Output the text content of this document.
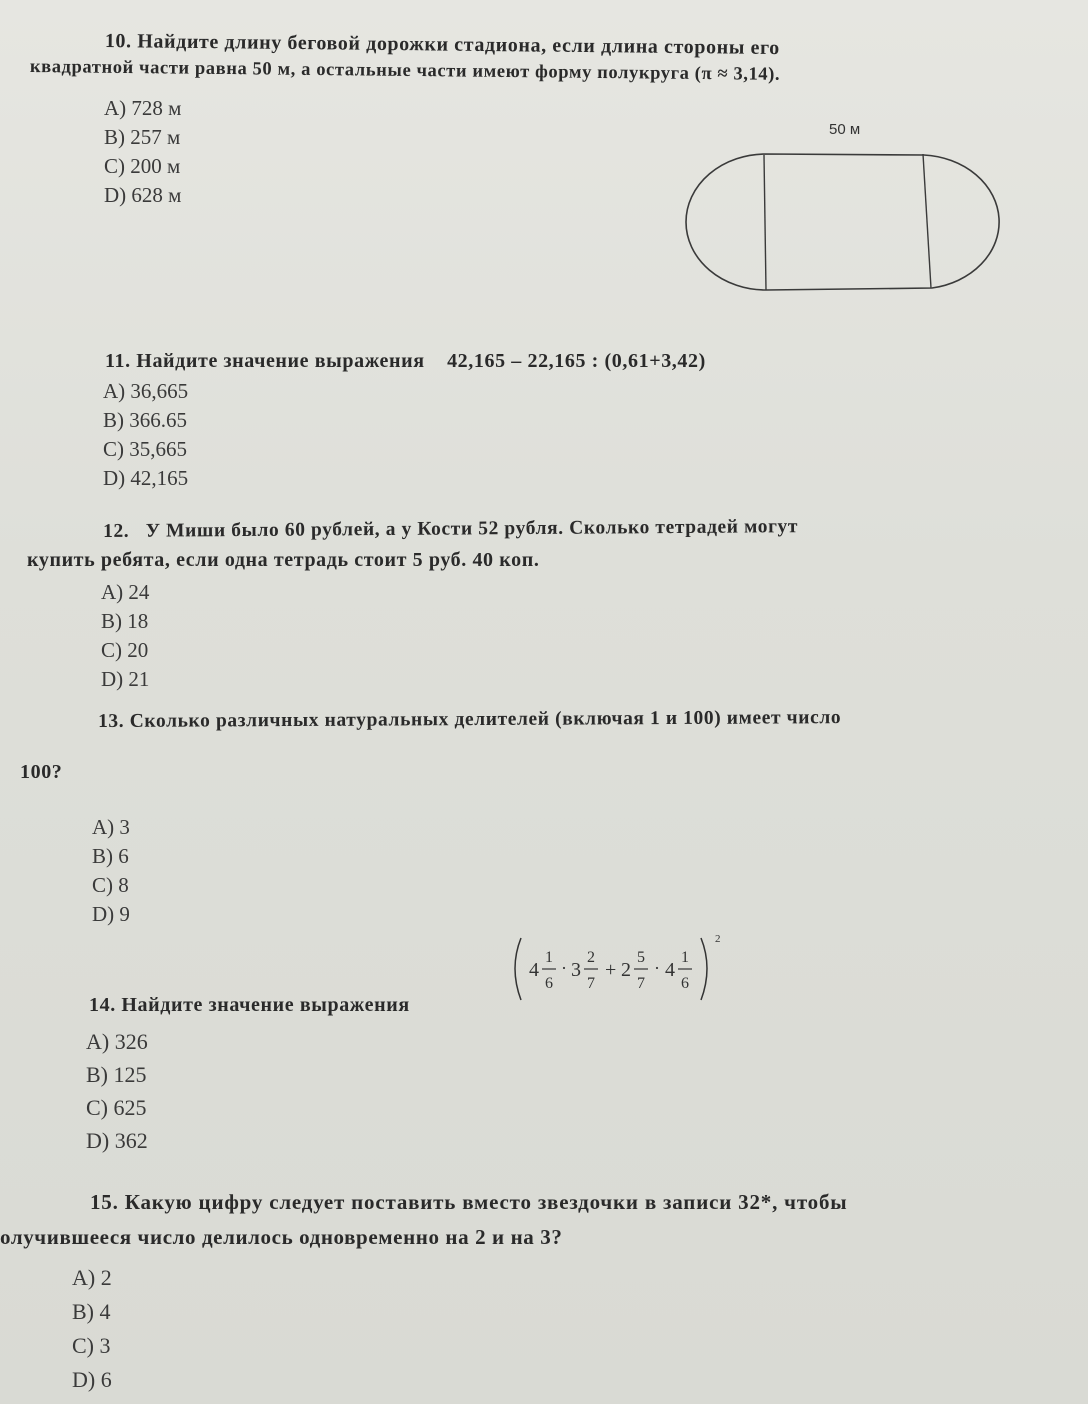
10. Найдите длину беговой дорожки стадиона, если длина стороны его
квадратной части равна 50 м, а остальные части имеют форму полукруга (π ≈ 3,14).
A) 728 м
B) 257 м
C) 200 м
D) 628 м
50 м
11. Найдите значение выражения    42,165 – 22,165 : (0,61+3,42)
A) 36,665
B) 366.65
C) 35,665
D) 42,165
12.   У Миши было 60 рублей, а у Кости 52 рубля. Сколько тетрадей могут
купить ребята, если одна тетрадь стоит 5 руб. 40 коп.
A) 24
B) 18
C) 20
D) 21
13. Сколько различных натуральных делителей (включая 1 и 100) имеет число
100?
A) 3
B) 6
C) 8
D) 9
4
1
6
· 3
2
7
+ 2
5
7
· 4
1
6
2
14. Найдите значение выражения
A) 326
B) 125
C) 625
D) 362
15. Какую цифру следует поставить вместо звездочки в записи 32*, чтобы
олучившееся число делилось одновременно на 2 и на 3?
A) 2
B) 4
C) 3
D) 6
